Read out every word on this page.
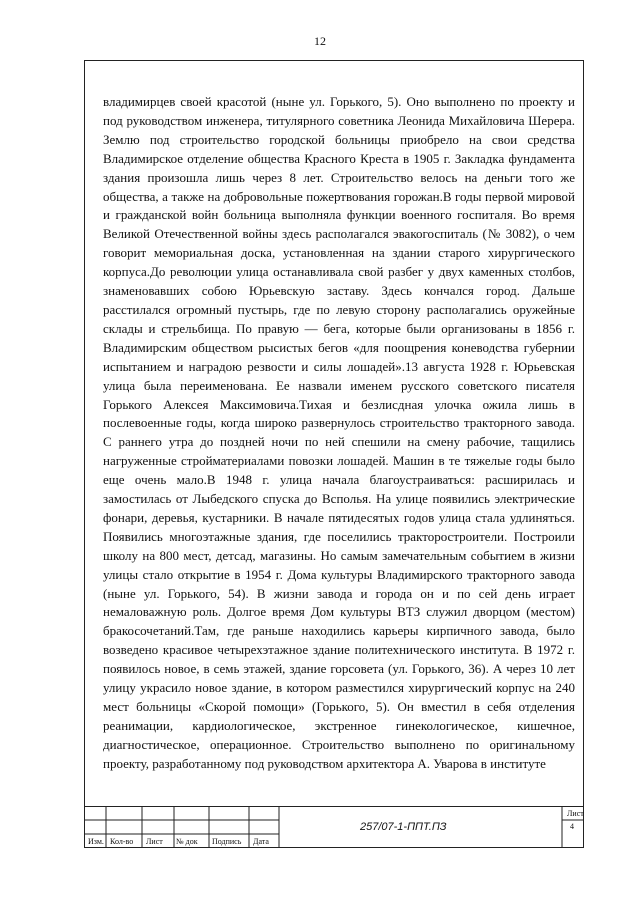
12

владимирцев своей красотой (ныне ул. Горького, 5). Оно выполнено по проекту и под руководством инженера, титулярного советника Леонида Михайловича Шерера. Землю под строительство городской больницы приобрело на свои средства Владимирское отделение общества Красного Креста в 1905 г. Закладка фундамента здания произошла лишь через 8 лет. Строительство велось на деньги того же общества, а также на добровольные пожертвования горожан.В годы первой мировой и гражданской войн больница выполняла функции военного госпиталя. Во время Великой Отечественной войны здесь располагался эвакогоспиталь (№ 3082), о чем говорит мемориальная доска, установленная на здании старого хирургического корпуса.До революции улица останавливала свой разбег у двух каменных столбов, знаменовавших собою Юрьевскую заставу. Здесь кончался город. Дальше расстилался огромный пустырь, где по левую сторону располагались оружейные склады и стрельбища. По правую — бега, которые были организованы в 1856 г. Владимирским обществом рысистых бегов «для поощрения коневодства губернии испытанием и наградою резвости и силы лошадей».13 августа 1928 г. Юрьевская улица была переименована. Ее назвали именем русского советского писателя Горького Алексея Максимовича.Тихая и безлисдная улочка ожила лишь в послевоенные годы, когда широко развернулось строительство тракторного завода. С раннего утра до поздней ночи по ней спешили на смену рабочие, тащились нагруженные стройматериалами повозки лошадей. Машин в те тяжелые годы было еще очень мало.В 1948 г. улица начала благоустраиваться: расширилась и замостилась от Лыбедского спуска до Всполья. На улице появились электрические фонари, деревья, кустарники. В начале пятидесятых годов улица стала удлиняться. Появились многоэтажные здания, где поселились тракторостроители. Построили школу на 800 мест, детсад, магазины. Но самым замечательным событием в жизни улицы стало открытие в 1954 г. Дома культуры Владимирского тракторного завода (ныне ул. Горького, 54). В жизни завода и города он и по сей день играет немаловажную роль. Долгое время Дом культуры ВТЗ служил дворцом (местом) бракосочетаний.Там, где раньше находились карьеры кирпичного завода, было возведено красивое четырехэтажное здание политехнического института. В 1972 г. появилось новое, в семь этажей, здание горсовета (ул. Горького, 36). А через 10 лет улицу украсило новое здание, в котором разместился хирургический корпус на 240 мест больницы «Скорой помощи» (Горького, 5). Он вместил в себя отделения реанимации, кардиологическое, экстренное гинекологическое, кишечное, диагностическое, операционное. Строительство выполнено по оригинальному проекту, разработанному под руководством архитектора А. Уварова в институте

257/07-1-ППТ.ПЗ
Лист
4
Изм. Кол-во Лист № док Подпись Дата
